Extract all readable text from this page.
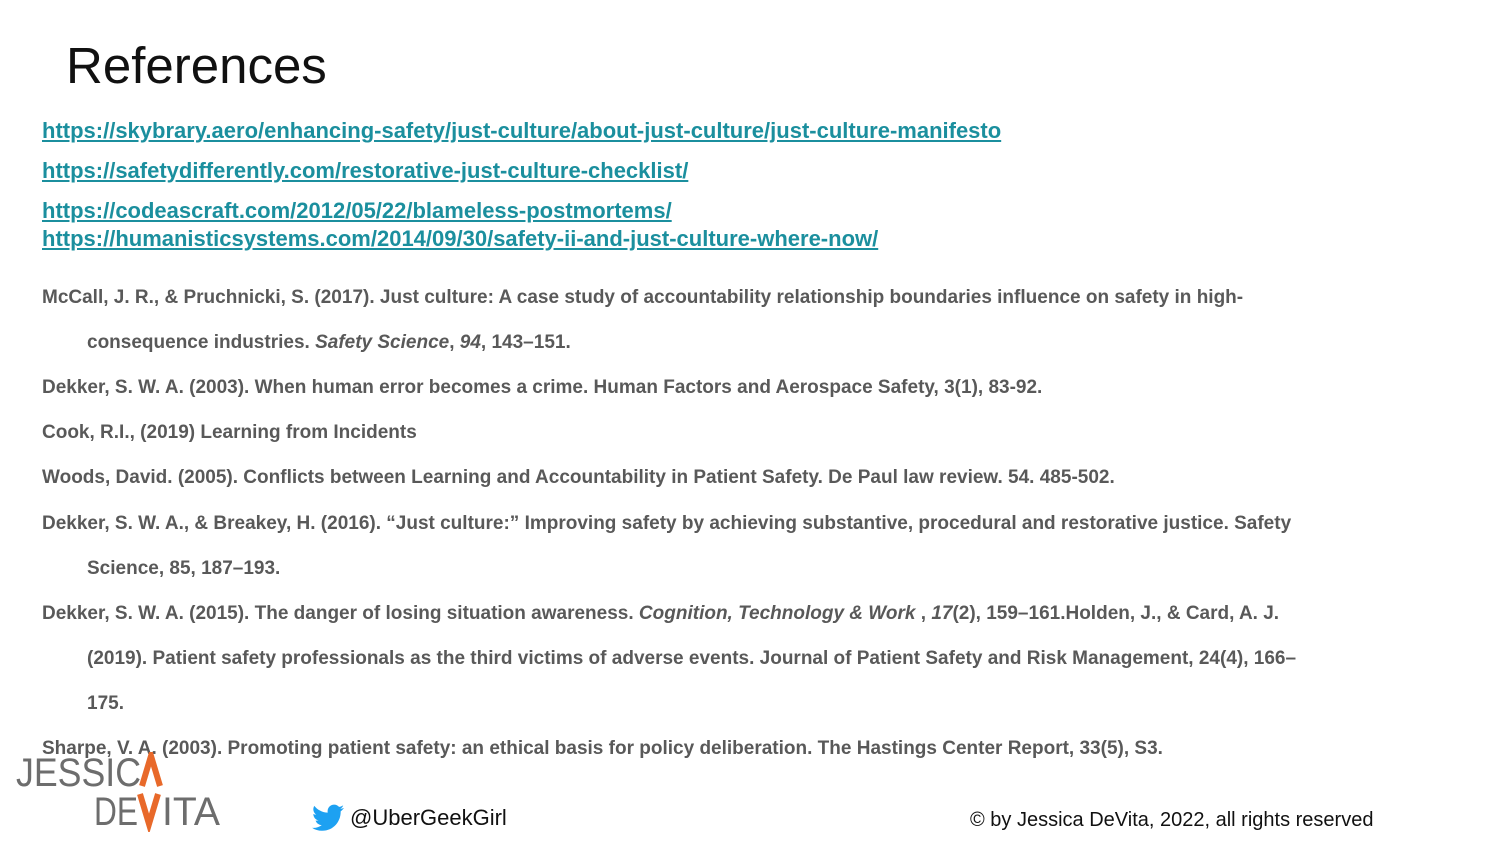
References
https://skybrary.aero/enhancing-safety/just-culture/about-just-culture/just-culture-manifesto
https://safetydifferently.com/restorative-just-culture-checklist/
https://codeascraft.com/2012/05/22/blameless-postmortems/
https://humanisticsystems.com/2014/09/30/safety-ii-and-just-culture-where-now/
McCall, J. R., & Pruchnicki, S. (2017). Just culture: A case study of accountability relationship boundaries influence on safety in high-
consequence industries. Safety Science, 94, 143–151.
Dekker, S. W. A. (2003). When human error becomes a crime. Human Factors and Aerospace Safety, 3(1), 83-92.
Cook, R.I., (2019) Learning from Incidents
Woods, David. (2005). Conflicts between Learning and Accountability in Patient Safety. De Paul law review. 54. 485-502.
Dekker, S. W. A., & Breakey, H. (2016). “Just culture:” Improving safety by achieving substantive, procedural and restorative justice. Safety
Science, 85, 187–193.
Dekker, S. W. A. (2015). The danger of losing situation awareness. Cognition, Technology & Work , 17(2), 159–161.Holden, J., & Card, A. J.
(2019). Patient safety professionals as the third victims of adverse events. Journal of Patient Safety and Risk Management, 24(4), 166–
175.
Sharpe, V. A. (2003). Promoting patient safety: an ethical basis for policy deliberation. The Hastings Center Report, 33(5), S3.
JESSIC
DE ITA	@UberGeekGirl	© by Jessica DeVita, 2022, all rights reserved
